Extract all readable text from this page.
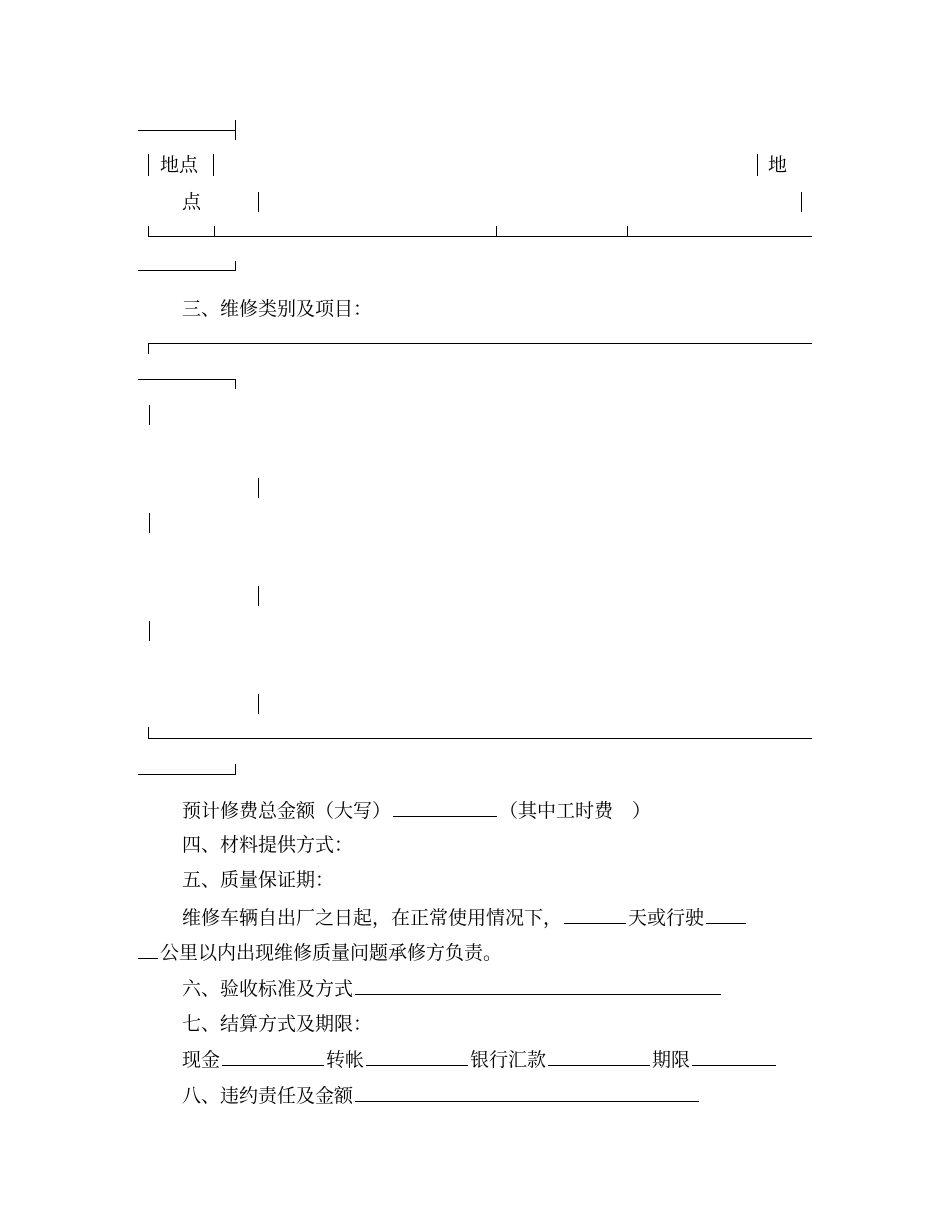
地点	地
点
三、维修类别及项目：
预计修费总金额（大写）	（其中工时费　）
四、材料提供方式：
五、质量保证期：
维修车辆自出厂之日起，在正常使用情况下，	天或行驶
公里以内出现维修质量问题承修方负责。
六、验收标准及方式
七、结算方式及期限：
现金	转帐	银行汇款	期限
八、违约责任及金额
